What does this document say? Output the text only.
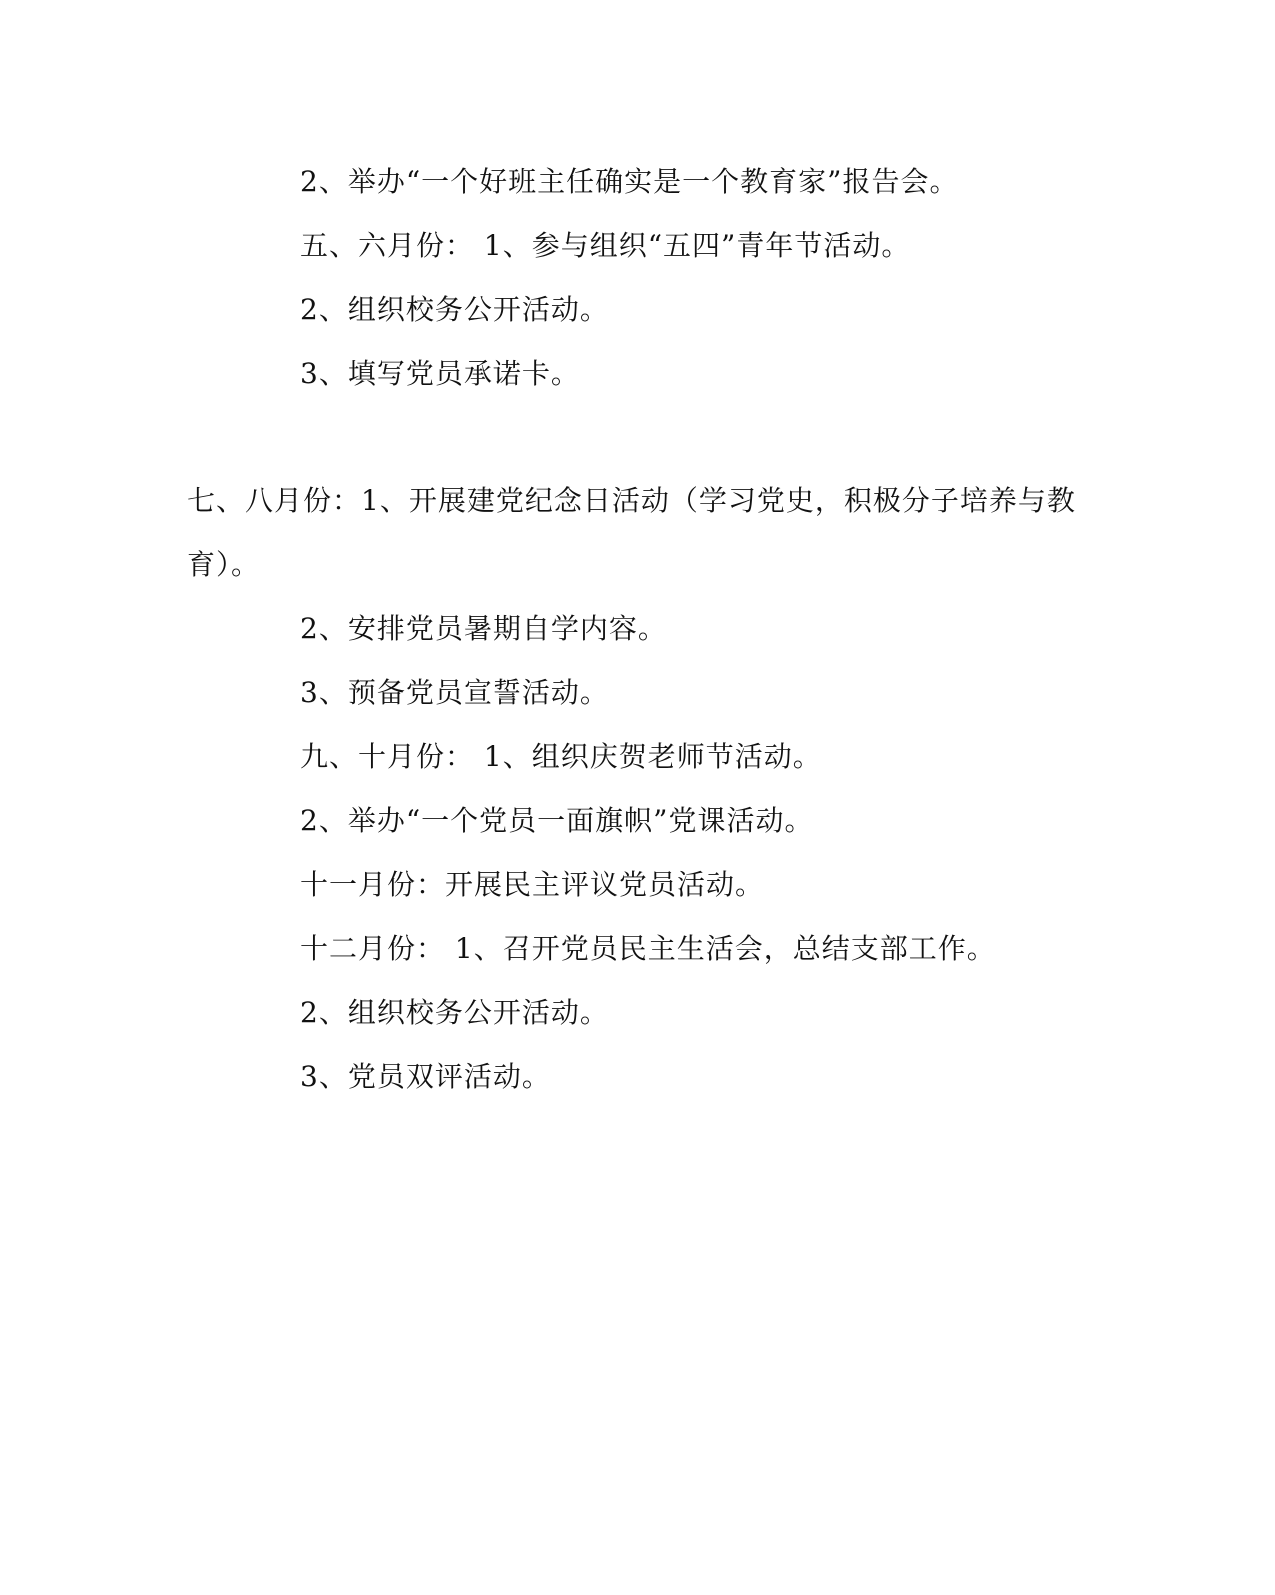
2、举办“一个好班主任确实是一个教育家”报告会。
五、六月份： 1、参与组织“五四”青年节活动。
2、组织校务公开活动。
3、填写党员承诺卡。
七、八月份：1、开展建党纪念日活动（学习党史，积极分子培养与教
育）。
2、安排党员暑期自学内容。
3、预备党员宣誓活动。
九、十月份： 1、组织庆贺老师节活动。
2、举办“一个党员一面旗帜”党课活动。
十一月份：开展民主评议党员活动。
十二月份： 1、召开党员民主生活会，总结支部工作。
2、组织校务公开活动。
3、党员双评活动。
